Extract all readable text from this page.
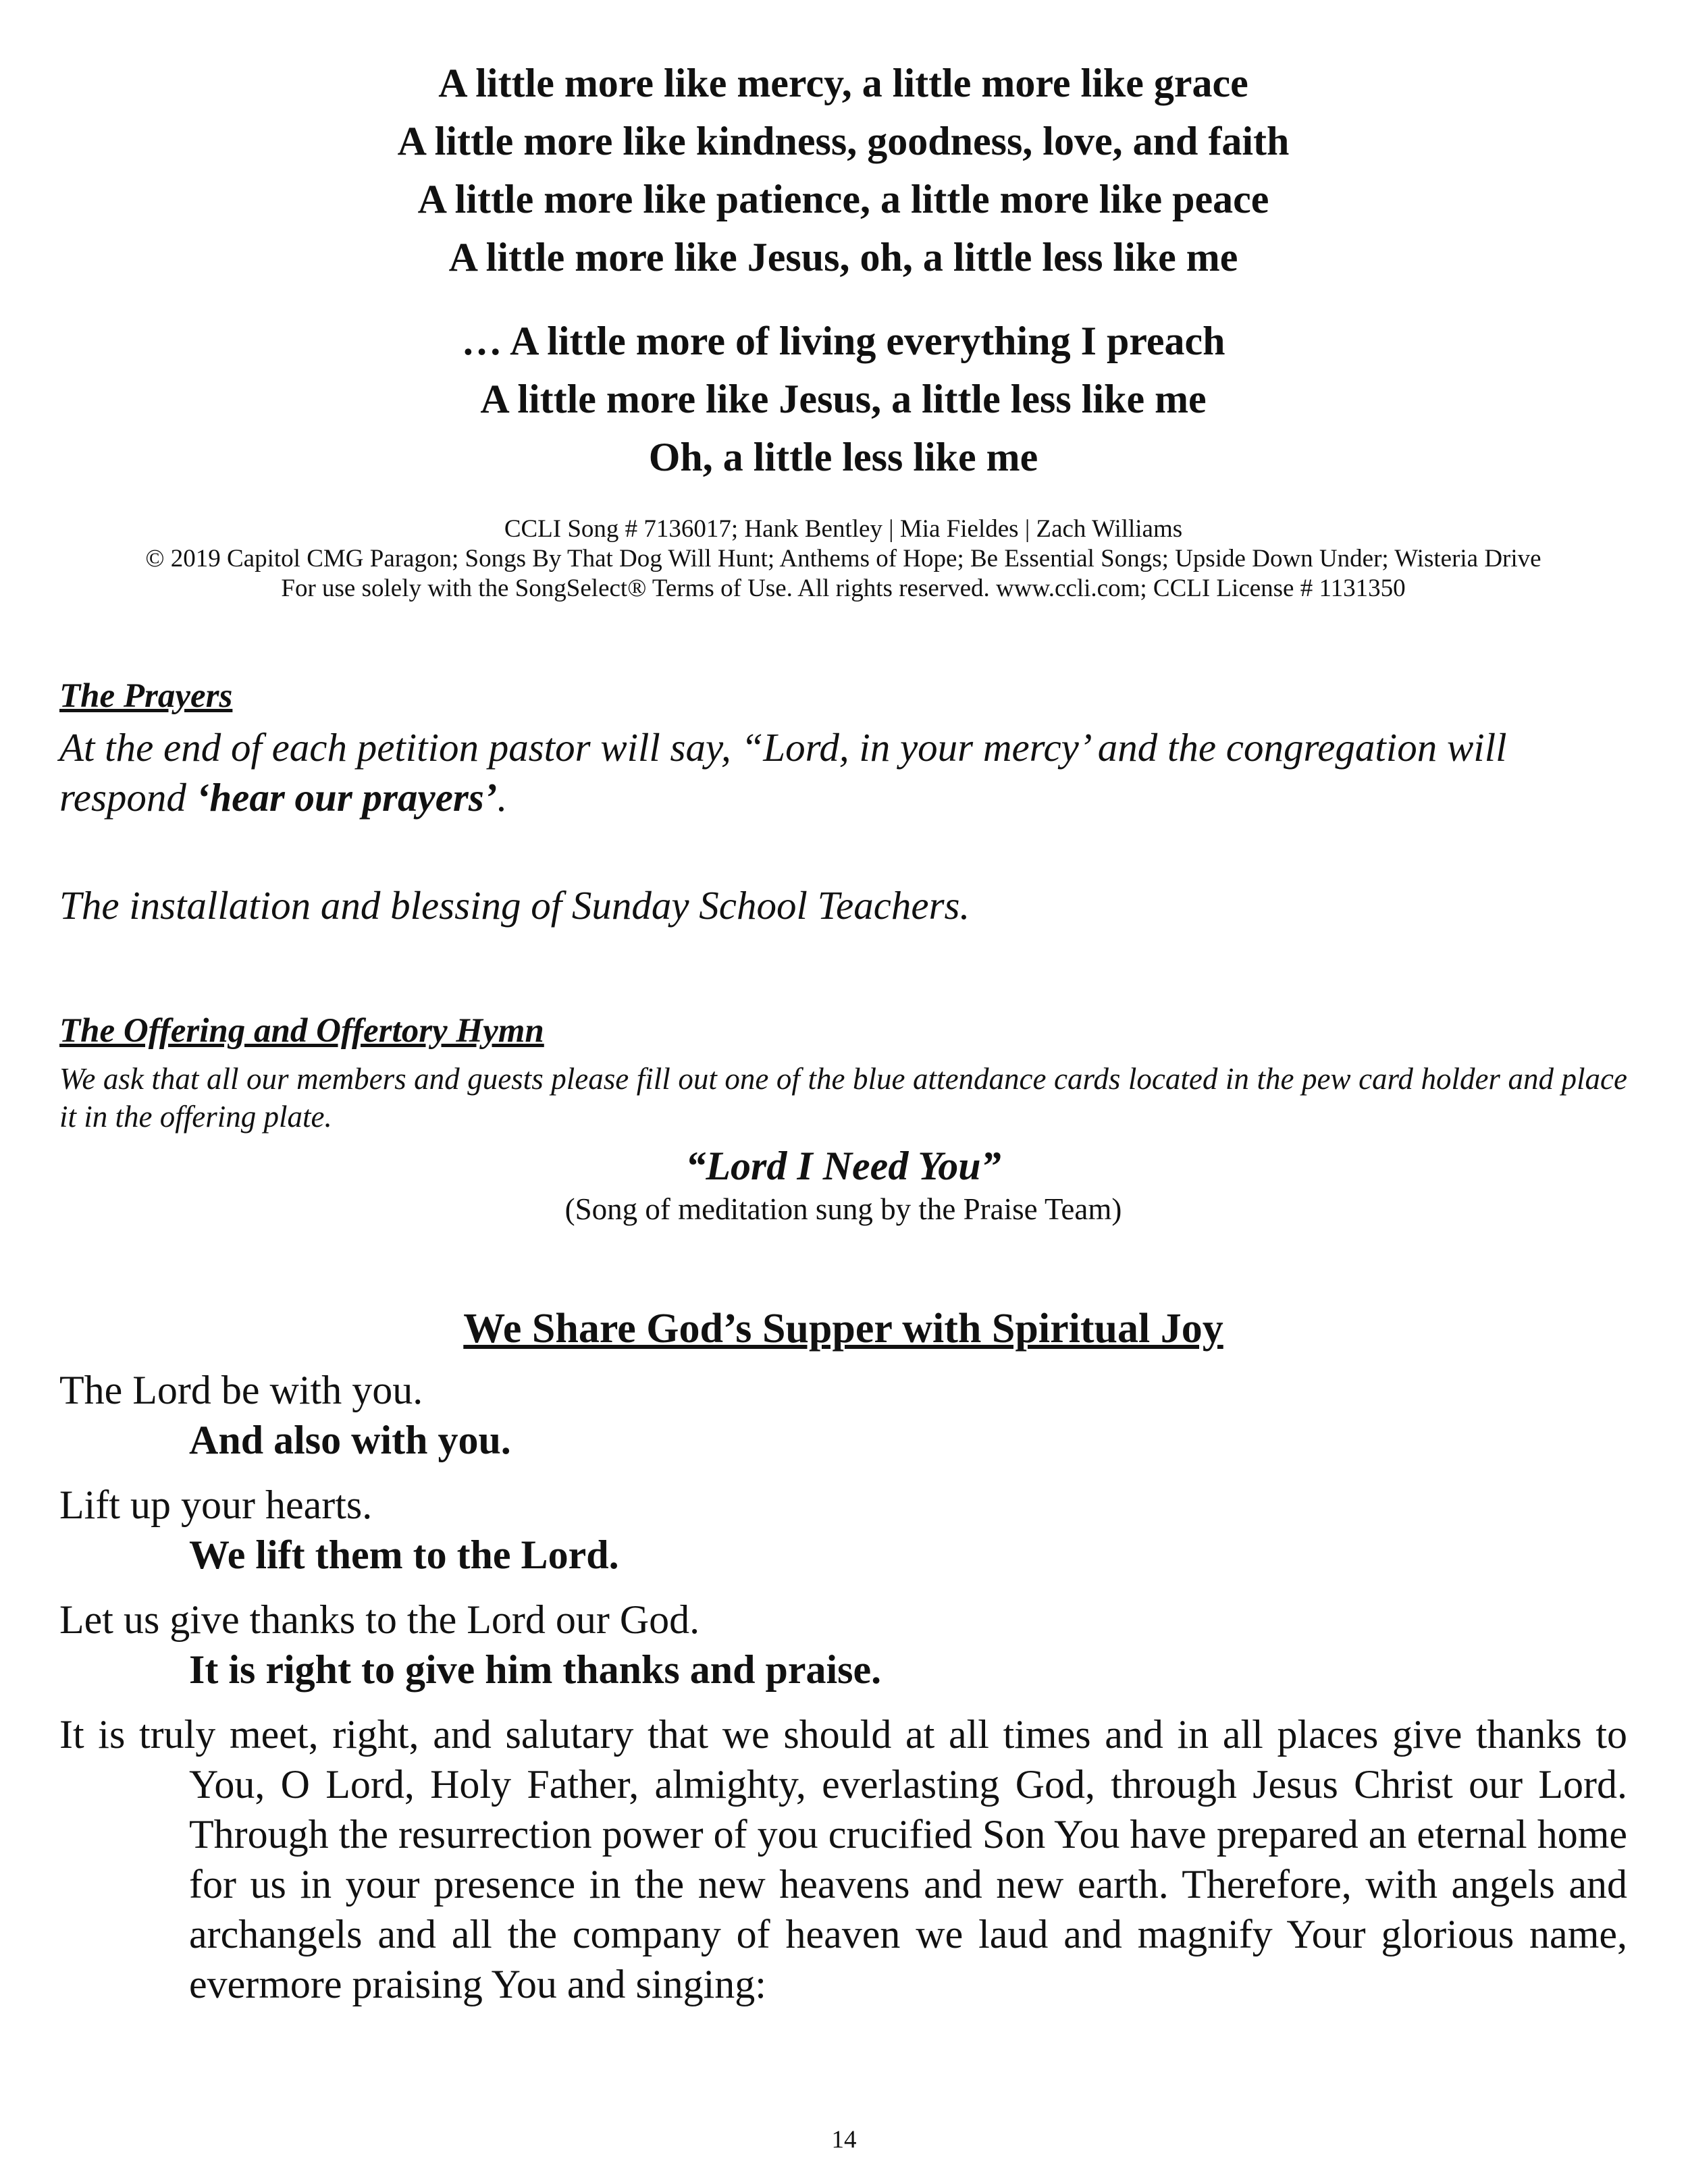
A little more like mercy, a little more like grace
A little more like kindness, goodness, love, and faith
A little more like patience, a little more like peace
A little more like Jesus, oh, a little less like me
… A little more of living everything I preach
A little more like Jesus, a little less like me
Oh, a little less like me
CCLI Song # 7136017; Hank Bentley | Mia Fieldes | Zach Williams
© 2019 Capitol CMG Paragon; Songs By That Dog Will Hunt; Anthems of Hope; Be Essential Songs; Upside Down Under; Wisteria Drive
For use solely with the SongSelect® Terms of Use. All rights reserved. www.ccli.com; CCLI License # 1131350
The Prayers
At the end of each petition pastor will say, “Lord, in your mercy’ and the congregation will respond ‘hear our prayers’.
The installation and blessing of Sunday School Teachers.
The Offering and Offertory Hymn
We ask that all our members and guests please fill out one of the blue attendance cards located in the pew card holder and place it in the offering plate.
“Lord I Need You”
(Song of meditation sung by the Praise Team)
We Share God’s Supper with Spiritual Joy
The Lord be with you.
And also with you.
Lift up your hearts.
We lift them to the Lord.
Let us give thanks to the Lord our God.
It is right to give him thanks and praise.
It is truly meet, right, and salutary that we should at all times and in all places give thanks to You, O Lord, Holy Father, almighty, everlasting God, through Jesus Christ our Lord. Through the resurrection power of you crucified Son You have prepared an eternal home for us in your presence in the new heavens and new earth. Therefore, with angels and archangels and all the company of heaven we laud and magnify Your glorious name, evermore praising You and singing:
14
